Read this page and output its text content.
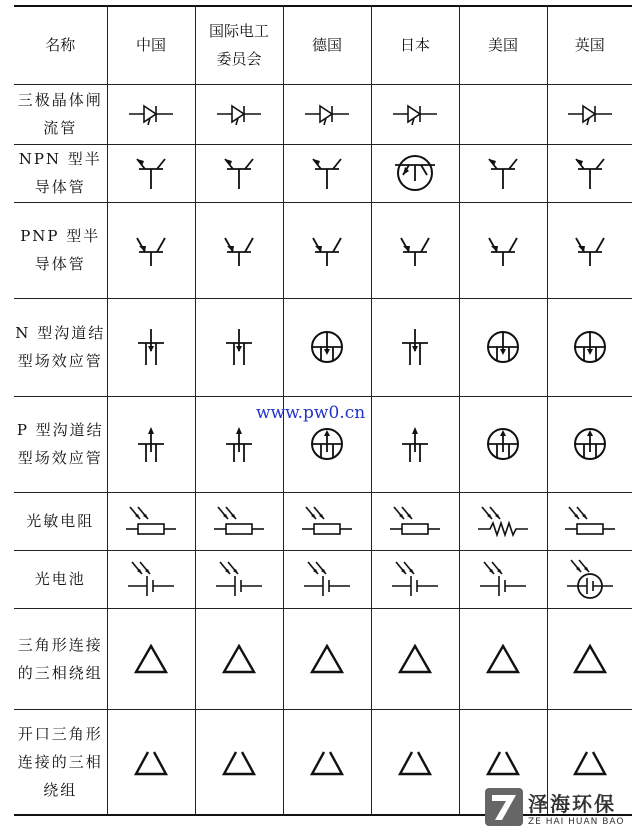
名称	中国	国际电工委员会	德国	日本	美国	英国
三极晶体闸流管	

NPN 型半导体管	

PNP 型半导体管	

N 型沟道结型场效应管	

P 型沟道结型场效应管	

光敏电阻	

光电池	

三角形连接的三相绕组	

开口三角形连接的三相绕组	

www.pw0.cn
泽海环保
ZE HAI HUAN BAO
